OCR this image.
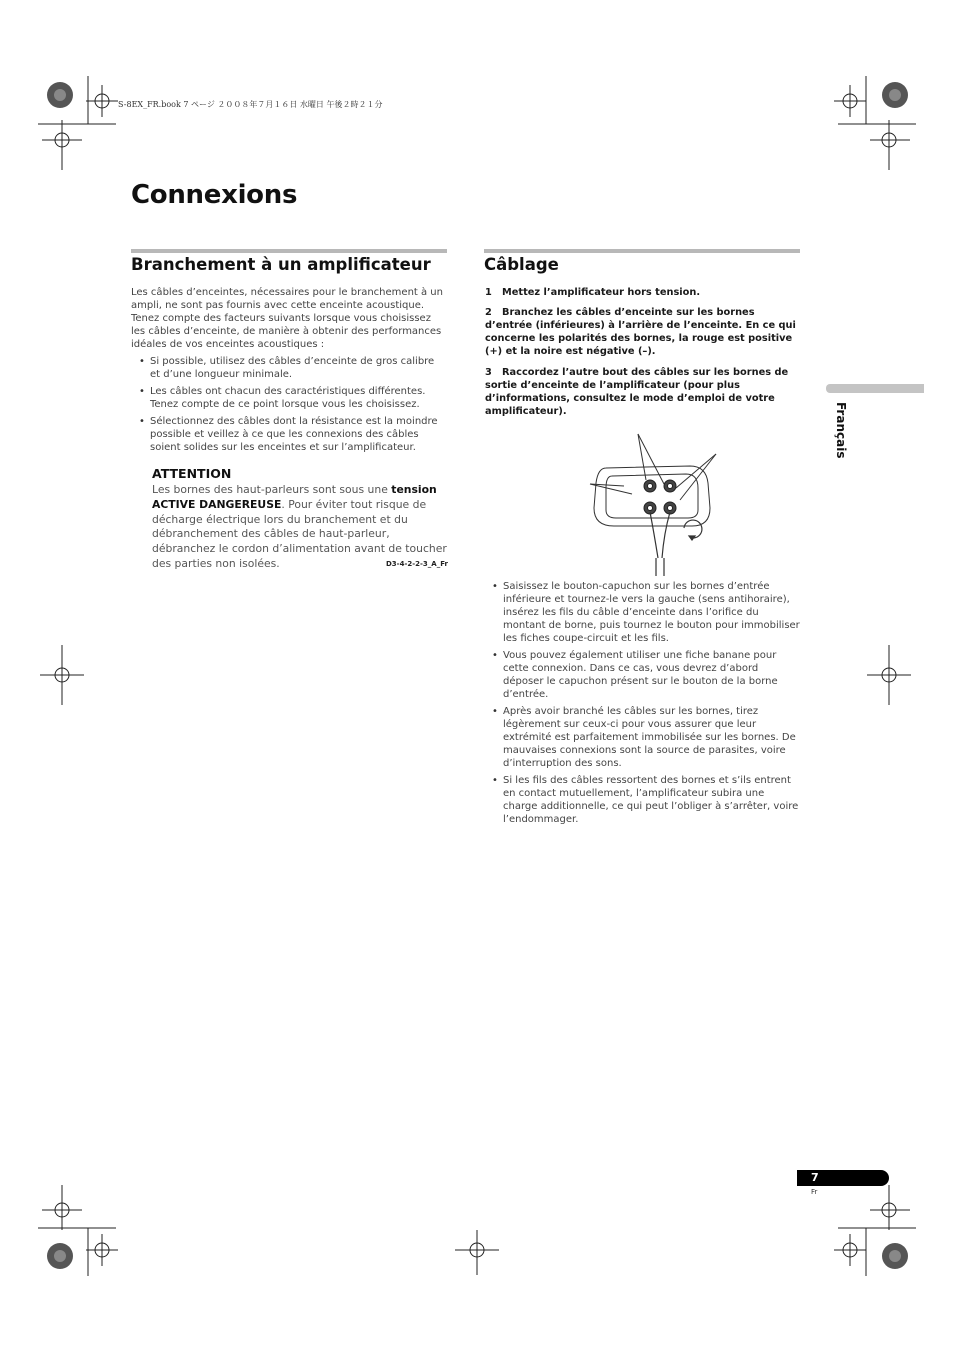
S-8EX_FR.book 7 ページ ２００８年７月１６日 水曜日 午後２時２１分
Connexions
Branchement à un amplificateur
Les câbles d’enceintes, nécessaires pour le branchement à un ampli, ne sont pas fournis avec cette enceinte acoustique. Tenez compte des facteurs suivants lorsque vous choisissez les câbles d’enceinte, de manière à obtenir des performances idéales de vos enceintes acoustiques :
• Si possible, utilisez des câbles d’enceinte de gros calibre et d’une longueur minimale.
• Les câbles ont chacun des caractéristiques différentes. Tenez compte de ce point lorsque vous les choisissez.
• Sélectionnez des câbles dont la résistance est la moindre possible et veillez à ce que les connexions des câbles soient solides sur les enceintes et sur l’amplificateur.
ATTENTION
Les bornes des haut-parleurs sont sous une tension ACTIVE DANGEREUSE. Pour éviter tout risque de décharge électrique lors du branchement et du débranchement des câbles de haut-parleur, débranchez le cordon d’alimentation avant de toucher des parties non isolées.	D3-4-2-2-3_A_Fr
Câblage
1 Mettez l’amplificateur hors tension.
2 Branchez les câbles d’enceinte sur les bornes d’entrée (inférieures) à l’arrière de l’enceinte. En ce qui concerne les polarités des bornes, la rouge est positive (+) et la noire est négative (–).
3 Raccordez l’autre bout des câbles sur les bornes de sortie d’enceinte de l’amplificateur (pour plus d’informations, consultez le mode d’emploi de votre amplificateur).
• Saisissez le bouton-capuchon sur les bornes d’entrée inférieure et tournez-le vers la gauche (sens antihoraire), insérez les fils du câble d’enceinte dans l’orifice du montant de borne, puis tournez le bouton pour immobiliser les fiches coupe-circuit et les fils.
• Vous pouvez également utiliser une fiche banane pour cette connexion. Dans ce cas, vous devrez d’abord déposer le capuchon présent sur le bouton de la borne d’entrée.
• Après avoir branché les câbles sur les bornes, tirez légèrement sur ceux-ci pour vous assurer que leur extrémité est parfaitement immobilisée sur les bornes. De mauvaises connexions sont la source de parasites, voire d’interruption des sons.
• Si les fils des câbles ressortent des bornes et s’ils entrent en contact mutuellement, l’amplificateur subira une charge additionnelle, ce qui peut l’obliger à s’arrêter, voire l’endommager.
Français
7
Fr
